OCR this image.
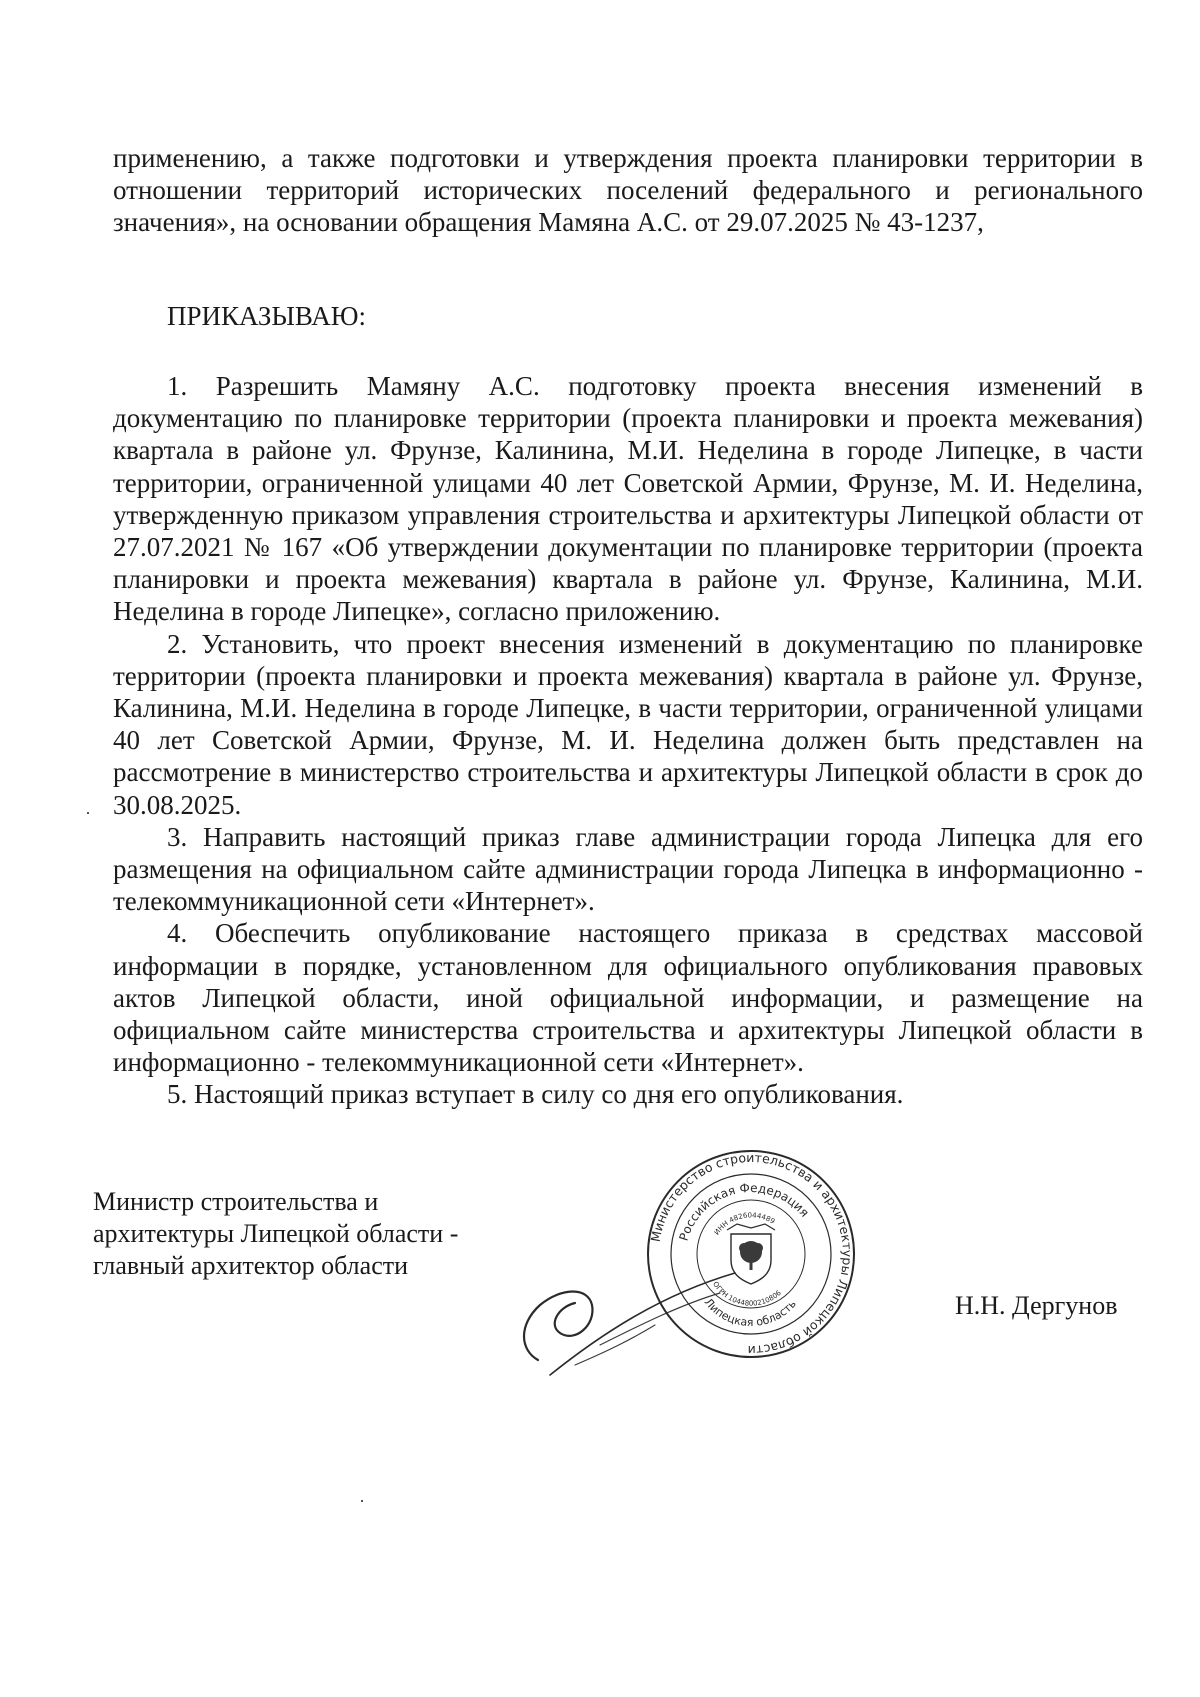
применению, а также подготовки и утверждения проекта планировки территории в отношении территорий исторических поселений федерального и регионального значения», на основании обращения Мамяна А.С. от 29.07.2025 № 43-1237,

ПРИКАЗЫВАЮ:

1. Разрешить Мамяну А.С. подготовку проекта внесения изменений в документацию по планировке территории (проекта планировки и проекта межевания) квартала в районе ул. Фрунзе, Калинина, М.И. Неделина в городе Липецке, в части территории, ограниченной улицами 40 лет Советской Армии, Фрунзе, М. И. Неделина, утвержденную приказом управления строительства и архитектуры Липецкой области от 27.07.2021 № 167 «Об утверждении документации по планировке территории (проекта планировки и проекта межевания) квартала в районе ул. Фрунзе, Калинина, М.И. Неделина в городе Липецке», согласно приложению.

2. Установить, что проект внесения изменений в документацию по планировке территории (проекта планировки и проекта межевания) квартала в районе ул. Фрунзе, Калинина, М.И. Неделина в городе Липецке, в части территории, ограниченной улицами 40 лет Советской Армии, Фрунзе, М. И. Неделина должен быть представлен на рассмотрение в министерство строительства и архитектуры Липецкой области в срок до 30.08.2025.

3. Направить настоящий приказ главе администрации города Липецка для его размещения на официальном сайте администрации города Липецка в информационно - телекоммуникационной сети «Интернет».

4. Обеспечить опубликование настоящего приказа в средствах массовой информации в порядке, установленном для официального опубликования правовых актов Липецкой области, иной официальной информации, и размещение на официальном сайте министерства строительства и архитектуры Липецкой области в информационно - телекоммуникационной сети «Интернет».

5. Настоящий приказ вступает в силу со дня его опубликования.

Министр строительства и архитектуры Липецкой области - главный архитектор области

Министерство строительства и архитектуры Липецкой области
Российская Федерация
Липецкая область
ИНН 4826044489
ОГРН 1044800210806	Н.Н. Дергунов
